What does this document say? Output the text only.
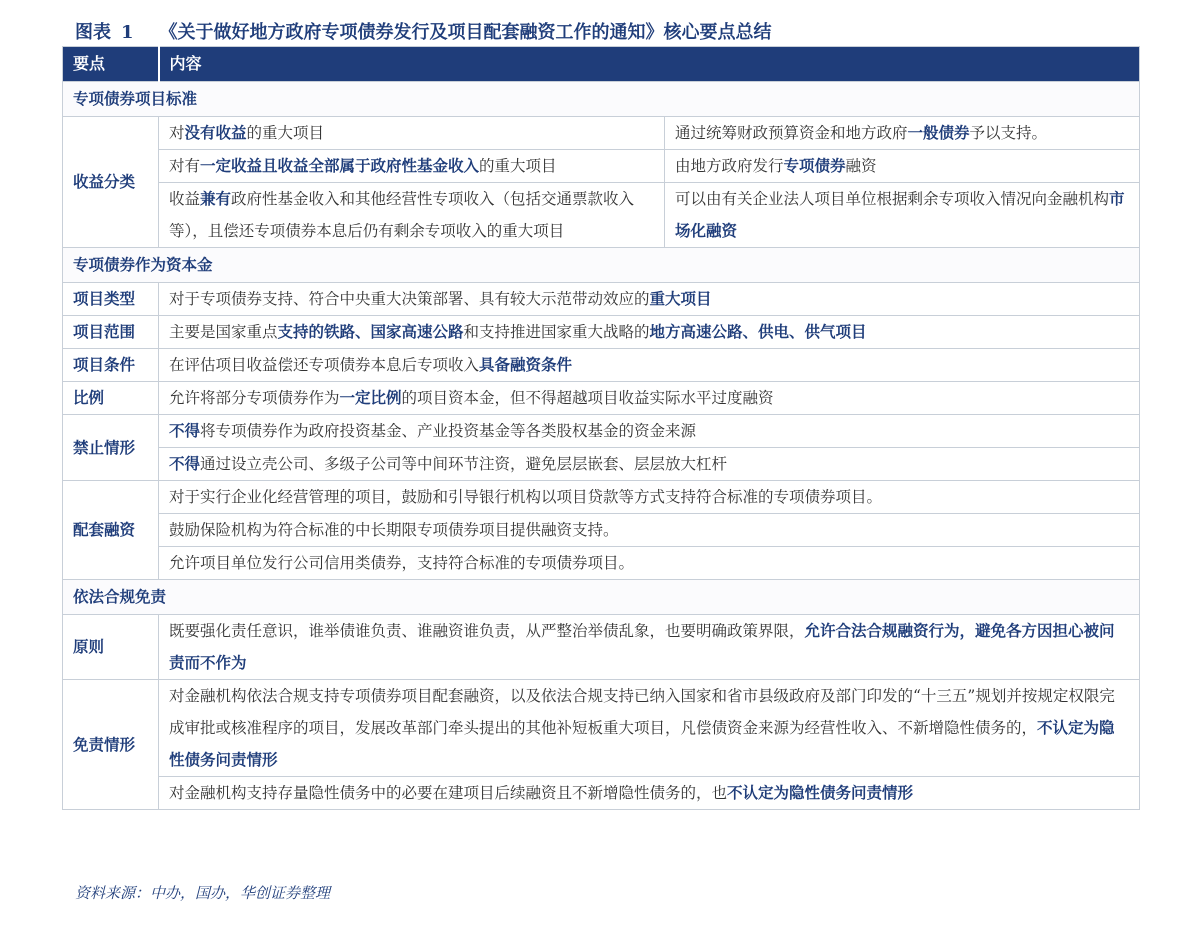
图表 1 《关于做好地方政府专项债券发行及项目配套融资工作的通知》核心要点总结
要点	内容	
专项债券项目标准		
收益分类	对没有收益的重大项目	通过统筹财政预算资金和地方政府一般债券予以支持。
	对有一定收益且收益全部属于政府性基金收入的重大项目	由地方政府发行专项债券融资
	收益兼有政府性基金收入和其他经营性专项收入（包括交通票款收入等），且偿还专项债券本息后仍有剩余专项收入的重大项目	可以由有关企业法人项目单位根据剩余专项收入情况向金融机构市场化融资
专项债券作为资本金		
项目类型	对于专项债券支持、符合中央重大决策部署、具有较大示范带动效应的重大项目	
项目范围	主要是国家重点支持的铁路、国家高速公路和支持推进国家重大战略的地方高速公路、供电、供气项目	
项目条件	在评估项目收益偿还专项债券本息后专项收入具备融资条件	
比例	允许将部分专项债券作为一定比例的项目资本金，但不得超越项目收益实际水平过度融资	
禁止情形	不得将专项债券作为政府投资基金、产业投资基金等各类股权基金的资金来源	
	不得通过设立壳公司、多级子公司等中间环节注资，避免层层嵌套、层层放大杠杆	
配套融资	对于实行企业化经营管理的项目，鼓励和引导银行机构以项目贷款等方式支持符合标准的专项债券项目。	
	鼓励保险机构为符合标准的中长期限专项债券项目提供融资支持。	
	允许项目单位发行公司信用类债券，支持符合标准的专项债券项目。	
依法合规免责		
原则	既要强化责任意识，谁举债谁负责、谁融资谁负责，从严整治举债乱象，也要明确政策界限，允许合法合规融资行为，避免各方因担心被问责而不作为	
免责情形	对金融机构依法合规支持专项债券项目配套融资，以及依法合规支持已纳入国家和省市县级政府及部门印发的“十三五”规划并按规定权限完成审批或核准程序的项目，发展改革部门牵头提出的其他补短板重大项目，凡偿债资金来源为经营性收入、不新增隐性债务的，不认定为隐性债务问责情形	
	对金融机构支持存量隐性债务中的必要在建项目后续融资且不新增隐性债务的，也不认定为隐性债务问责情形	
资料来源：中办，国办，华创证券整理
